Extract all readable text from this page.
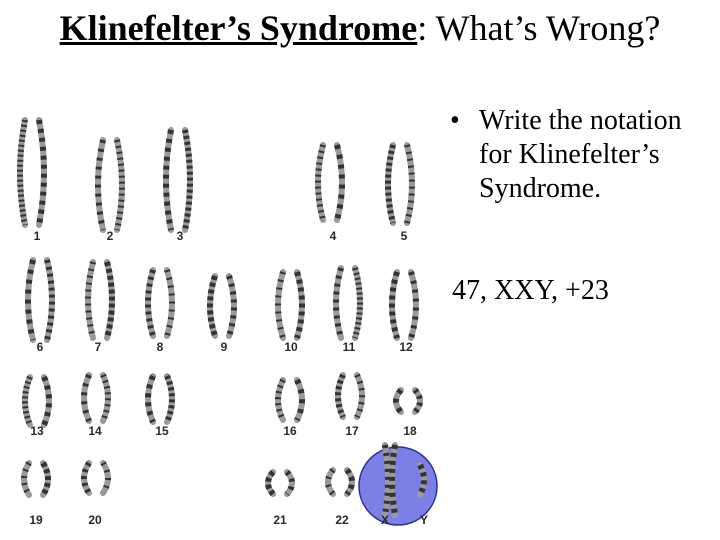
Klinefelter’s Syndrome: What’s Wrong?
1	2	3	4	5
6	7	8	9	10	11	12
13	14	15	16	17	18
19	20	21	22	X	Y
• Write the notation for Klinefelter’s Syndrome.
47, XXY, +23
